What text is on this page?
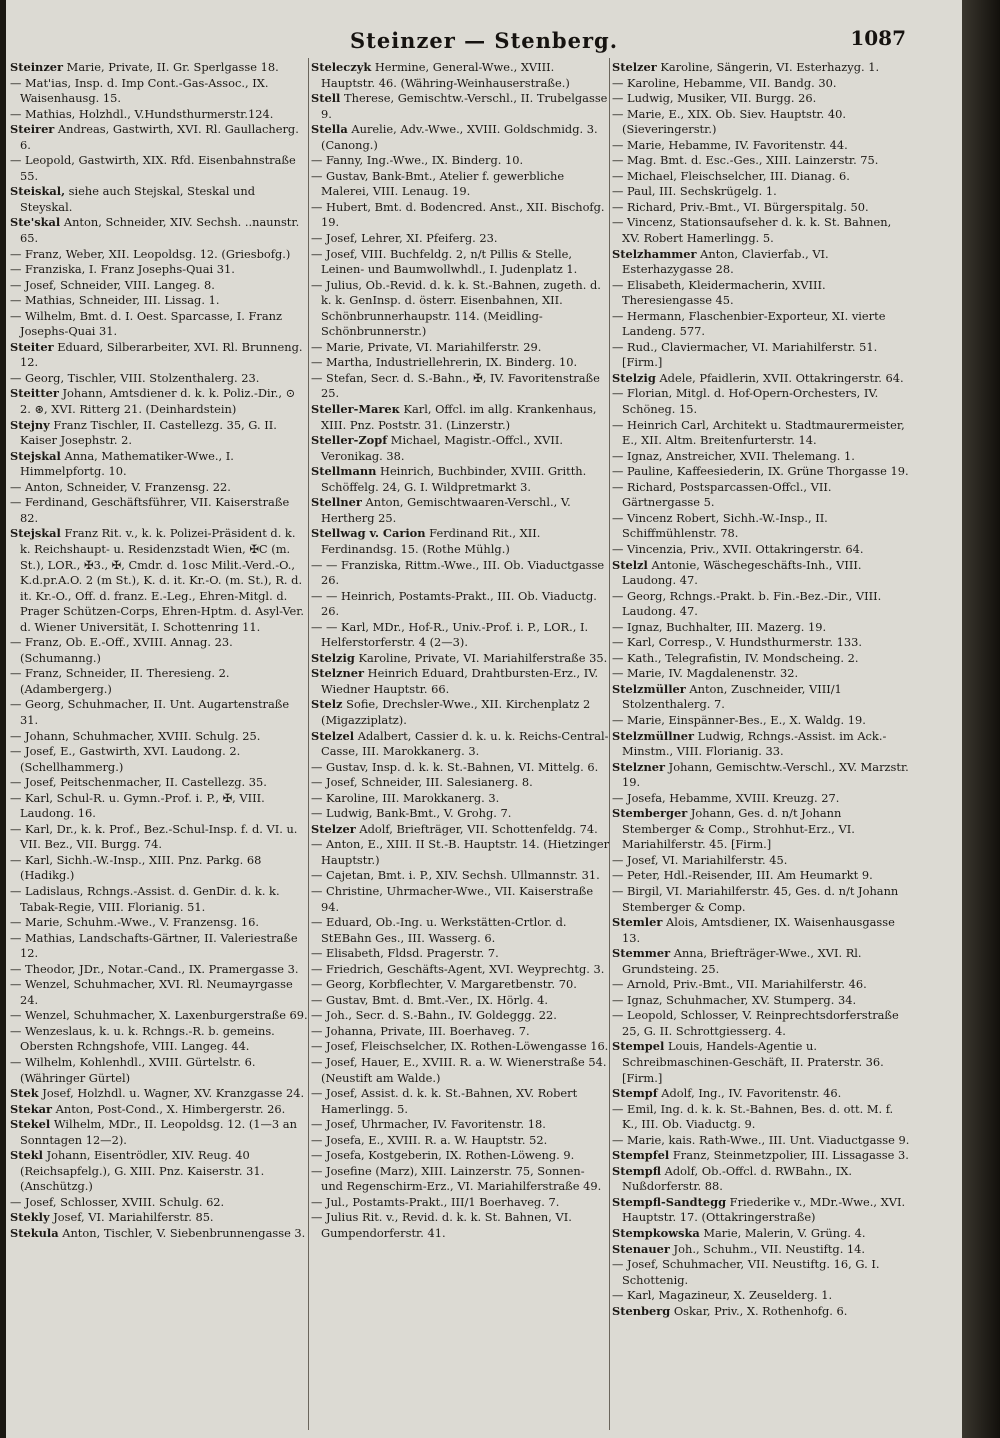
Steinzer — Stenberg.	1087

Steinzer Marie, Private, II. Gr. Sperlgasse 18.

— Mat'ias, Insp. d. Imp Cont.-Gas-Assoc., IX. Waisenhausg. 15.

— Mathias, Holzhdl., V.Hundsthurmerstr.124.

Steirer Andreas, Gastwirth, XVI. Rl. Gaullacherg. 6.

— Leopold, Gastwirth, XIX. Rfd. Eisenbahnstraße 55.

Steiskal, siehe auch Stejskal, Steskal und Steyskal.

Ste'skal Anton, Schneider, XIV. Sechsh. ..naunstr. 65.

— Franz, Weber, XII. Leopoldsg. 12. (Griesbofg.)

— Franziska, I. Franz Josephs-Quai 31.

— Josef, Schneider, VIII. Langeg. 8.

— Mathias, Schneider, III. Lissag. 1.

— Wilhelm, Bmt. d. I. Oest. Sparcasse, I. Franz Josephs-Quai 31.

Steiter Eduard, Silberarbeiter, XVI. Rl. Brunneng. 12.

— Georg, Tischler, VIII. Stolzenthalerg. 23.

Steitter Johann, Amtsdiener d. k. k. Poliz.-Dir., ⊙ 2. ⊛, XVI. Ritterg 21. (Deinhardstein)

Stejny Franz Tischler, II. Castellezg. 35, G. II. Kaiser Josephstr. 2.

Stejskal Anna, Mathematiker-Wwe., I. Himmelpfortg. 10.

— Anton, Schneider, V. Franzensg. 22.

— Ferdinand, Geschäftsführer, VII. Kaiserstraße 82.

Stejskal Franz Rit. v., k. k. Polizei-Präsident d. k. k. Reichshaupt- u. Residenzstadt Wien, ✠C (m. St.), LOR., ✠3., ✠, Cmdr. d. 1osc Milit.-Verd.-O., K.d.pr.A.O. 2 (m St.), K. d. it. Kr.-O. (m. St.), R. d. it. Kr.-O., Off. d. franz. E.-Leg., Ehren-Mitgl. d. Prager Schützen-Corps, Ehren-Hptm. d. Asyl-Ver. d. Wiener Universität, I. Schottenring 11.

— Franz, Ob. E.-Off., XVIII. Annag. 23. (Schumanng.)

— Franz, Schneider, II. Theresieng. 2. (Adambergerg.)

— Georg, Schuhmacher, II. Unt. Augartenstraße 31.

— Johann, Schuhmacher, XVIII. Schulg. 25.

— Josef, E., Gastwirth, XVI. Laudong. 2. (Schellhammerg.)

— Josef, Peitschenmacher, II. Castellezg. 35.

— Karl, Schul-R. u. Gymn.-Prof. i. P., ✠, VIII. Laudong. 16.

— Karl, Dr., k. k. Prof., Bez.-Schul-Insp. f. d. VI. u. VII. Bez., VII. Burgg. 74.

— Karl, Sichh.-W.-Insp., XIII. Pnz. Parkg. 68 (Hadikg.)

— Ladislaus, Rchngs.-Assist. d. GenDir. d. k. k. Tabak-Regie, VIII. Florianig. 51.

— Marie, Schuhm.-Wwe., V. Franzensg. 16.

— Mathias, Landschafts-Gärtner, II. Valeriestraße 12.

— Theodor, JDr., Notar.-Cand., IX. Pramergasse 3.

— Wenzel, Schuhmacher, XVI. Rl. Neumayrgasse 24.

— Wenzel, Schuhmacher, X. Laxenburgerstraße 69.

— Wenzeslaus, k. u. k. Rchngs.-R. b. gemeins. Obersten Rchngshofe, VIII. Langeg. 44.

— Wilhelm, Kohlenhdl., XVIII. Gürtelstr. 6. (Währinger Gürtel)

Stek Josef, Holzhdl. u. Wagner, XV. Kranzgasse 24.

Stekar Anton, Post-Cond., X. Himbergerstr. 26.

Stekel Wilhelm, MDr., II. Leopoldsg. 12. (1—3 an Sonntagen 12—2).

Stekl Johann, Eisentrödler, XIV. Reug. 40 (Reichsapfelg.), G. XIII. Pnz. Kaiserstr. 31. (Anschützg.)

— Josef, Schlosser, XVIII. Schulg. 62.

Stekly Josef, VI. Mariahilferstr. 85.

Stekula Anton, Tischler, V. Siebenbrunnengasse 3.

Steleczyk Hermine, General-Wwe., XVIII. Hauptstr. 46. (Währing-Weinhauserstraße.)

Stell Therese, Gemischtw.-Verschl., II. Trubelgasse 9.

Stella Aurelie, Adv.-Wwe., XVIII. Goldschmidg. 3. (Canong.)

— Fanny, Ing.-Wwe., IX. Binderg. 10.

— Gustav, Bank-Bmt., Atelier f. gewerbliche Malerei, VIII. Lenaug. 19.

— Hubert, Bmt. d. Bodencred. Anst., XII. Bischofg. 19.

— Josef, Lehrer, XI. Pfeiferg. 23.

— Josef, VIII. Buchfeldg. 2, n/t Pillis & Stelle, Leinen- und Baumwollwhdl., I. Judenplatz 1.

— Julius, Ob.-Revid. d. k. k. St.-Bahnen, zugeth. d. k. k. GenInsp. d. österr. Eisenbahnen, XII. Schönbrunnerhaupstr. 114. (Meidling-Schönbrunnerstr.)

— Marie, Private, VI. Mariahilferstr. 29.

— Martha, Industriellehrerin, IX. Binderg. 10.

— Stefan, Secr. d. S.-Bahn., ✠, IV. Favoritenstraße 25.

Steller-Mareк Karl, Offcl. im allg. Krankenhaus, XIII. Pnz. Poststr. 31. (Linzerstr.)

Steller-Zopf Michael, Magistr.-Offcl., XVII. Veronikag. 38.

Stellmann Heinrich, Buchbinder, XVIII. Gritth. Schöffelg. 24, G. I. Wildpretmarkt 3.

Stellner Anton, Gemischtwaaren-Verschl., V. Hertherg 25.

Stellwag v. Carion Ferdinand Rit., XII. Ferdinandsg. 15. (Rothe Mühlg.)

— — Franziska, Rittm.-Wwe., III. Ob. Viaductgasse 26.

— — Heinrich, Postamts-Prakt., III. Ob. Viaductg. 26.

— — Karl, MDr., Hof-R., Univ.-Prof. i. P., LOR., I. Helferstorferstr. 4 (2—3).

Stelzig Karoline, Private, VI. Mariahilferstraße 35.

Stelzner Heinrich Eduard, Drahtburstеn-Erz., IV. Wiedner Hauptstr. 66.

Stelz Sofie, Drechsler-Wwe., XII. Kirchenplatz 2 (Migazziplatz).

Stelzel Adalbert, Cassier d. k. u. k. Reichs-Central-Casse, III. Marokkanerg. 3.

— Gustav, Insp. d. k. k. St.-Bahnen, VI. Mittelg. 6.

— Josef, Schneider, III. Salesianerg. 8.

— Karoline, III. Marokkanerg. 3.

— Ludwig, Bank-Bmt., V. Grohg. 7.

Stelzer Adolf, Briefträger, VII. Schottenfeldg. 74.

— Anton, E., XIII. II St.-B. Hauptstr. 14. (Hietzinger Hauptstr.)

— Cajetan, Bmt. i. P., XIV. Sechsh. Ullmannstr. 31.

— Christine, Uhrmacher-Wwe., VII. Kaiserstraße 94.

— Eduard, Ob.-Ing. u. Werkstätten-Crtlor. d. StEBahn Ges., III. Wasserg. 6.

— Elisabeth, Fldsd. Pragerstr. 7.

— Friedrich, Geschäfts-Agent, XVI. Weyprechtg. 3.

— Georg, Korbflechter, V. Margaretbenstr. 70.

— Gustav, Bmt. d. Bmt.-Ver., IX. Hörlg. 4.

— Joh., Secr. d. S.-Bahn., IV. Goldeggg. 22.

— Johanna, Private, III. Boerhaveg. 7.

— Josef, Fleischselcher, IX. Rothen-Löwengasse 16.

— Josef, Hauer, E., XVIII. R. a. W. Wienerstraße 54. (Neustift am Walde.)

— Josef, Assist. d. k. k. St.-Bahnen, XV. Robert Hamerlingg. 5.

— Josef, Uhrmacher, IV. Favoritenstr. 18.

— Josefa, E., XVIII. R. a. W. Hauptstr. 52.

— Josefa, Kostgeberin, IX. Rothen-Löweng. 9.

— Josefine (Marz), XIII. Lainzerstr. 75, Sonnen- und Regenschirm-Erz., VI. Mariahilferstraße 49.

— Jul., Postamts-Prakt., III/1 Boerhaveg. 7.

— Julius Rit. v., Revid. d. k. k. St. Bahnen, VI. Gumpendorferstr. 41.

Stelzer Karoline, Sängerin, VI. Esterhazyg. 1.

— Karoline, Hebamme, VII. Bandg. 30.

— Ludwig, Musiker, VII. Burgg. 26.

— Marie, E., XIX. Ob. Siev. Hauptstr. 40. (Sieveringerstr.)

— Marie, Hebamme, IV. Favoritenstr. 44.

— Mag. Bmt. d. Esc.-Ges., XIII. Lainzerstr. 75.

— Michael, Fleischselcher, III. Dianag. 6.

— Paul, III. Sechskrügelg. 1.

— Richard, Priv.-Bmt., VI. Bürgerspitalg. 50.

— Vincenz, Stationsaufseher d. k. k. St. Bahnen, XV. Robert Hamerlingg. 5.

Stelzhammer Anton, Clavierfab., VI. Esterhazygasse 28.

— Elisabeth, Kleidermacherin, XVIII. Theresiengasse 45.

— Hermann, Flaschenbier-Exporteur, XI. vierte Landeng. 577.

— Rud., Claviermacher, VI. Mariahilferstr. 51. [Firm.]

Stelzig Adele, Pfaidlerin, XVII. Ottakringerstr. 64.

— Florian, Mitgl. d. Hof-Opern-Orchesters, IV. Schöneg. 15.

— Heinrich Carl, Architekt u. Stadtmaurermeister, E., XII. Altm. Breitenfurterstr. 14.

— Ignaz, Anstreicher, XVII. Thelemang. 1.

— Pauline, Kaffeesiederin, IX. Grüne Thorgasse 19.

— Richard, Postsparcassen-Offcl., VII. Gärtnergasse 5.

— Vincenz Robert, Sichh.-W.-Insp., II. Schiffmühlenstr. 78.

— Vincenzia, Priv., XVII. Ottakringerstr. 64.

Stelzl Antonie, Wäschegeschäfts-Inh., VIII. Laudong. 47.

— Georg, Rchngs.-Prakt. b. Fin.-Bez.-Dir., VIII. Laudong. 47.

— Ignaz, Buchhalter, III. Mazerg. 19.

— Karl, Corresp., V. Hundsthurmerstr. 133.

— Kath., Telegrafistin, IV. Mondscheing. 2.

— Marie, IV. Magdalenenstr. 32.

Stelzmüller Anton, Zuschneider, VIII/1 Stolzenthalerg. 7.

— Marie, Einspänner-Bes., E., X. Waldg. 19.

Stelzmüllner Ludwig, Rchngs.-Assist. im Ack.-Minstm., VIII. Florianig. 33.

Stelzner Johann, Gemischtw.-Verschl., XV. Marzstr. 19.

— Josefa, Hebamme, XVIII. Kreuzg. 27.

Stemberger Johann, Ges. d. n/t Johann Stemberger & Comp., Strohhut-Erz., VI. Mariahilferstr. 45. [Firm.]

— Josef, VI. Mariahilferstr. 45.

— Peter, Hdl.-Reisender, III. Am Heumarkt 9.

— Birgil, VI. Mariahilferstr. 45, Ges. d. n/t Johann Stemberger & Comp.

Stemler Alois, Amtsdiener, IX. Waisenhausgasse 13.

Stemmer Anna, Briefträger-Wwe., XVI. Rl. Grundsteing. 25.

— Arnold, Priv.-Bmt., VII. Mariahilferstr. 46.

— Ignaz, Schuhmacher, XV. Stumperg. 34.

— Leopold, Schlosser, V. Reinprechtsdorferstraße 25, G. II. Schrottgiesserg. 4.

Stempel Louis, Handels-Agentie u. Schreibmaschinen-Geschäft, II. Praterstr. 36. [Firm.]

Stempf Adolf, Ing., IV. Favoritenstr. 46.

— Emil, Ing. d. k. k. St.-Bahnen, Bes. d. ott. M. f. K., III. Ob. Viaductg. 9.

— Marie, kais. Rath-Wwe., III. Unt. Viaductgasse 9.

Stempfel Franz, Steinmetzpolier, III. Lissagasse 3.

Stempfl Adolf, Ob.-Offcl. d. RWBahn., IX. Nußdorferstr. 88.

Stempfl-Sandtegg Friederike v., MDr.-Wwe., XVI. Hauptstr. 17. (Ottakringerstraße)

Stempkowska Marie, Malerin, V. Grüng. 4.

Stenauer Joh., Schuhm., VII. Neustiftg. 14.

— Josef, Schuhmacher, VII. Neustiftg. 16, G. I. Schottenig.

— Karl, Magazineur, X. Zeuselderg. 1.

Stenberg Oskar, Priv., X. Rothenhofg. 6.
